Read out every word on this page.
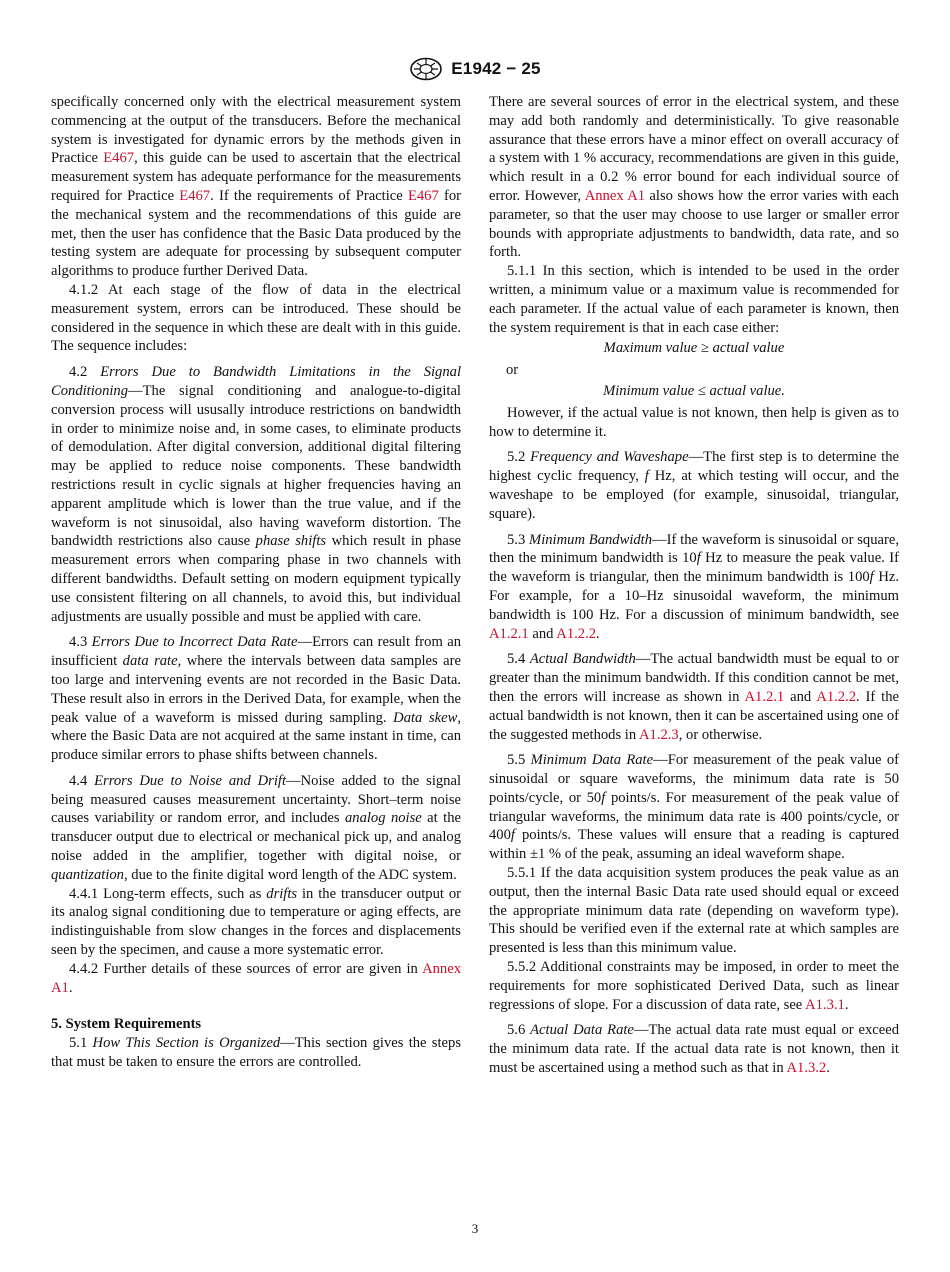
E1942 − 25

specifically concerned only with the electrical measurement system commencing at the output of the transducers. Before the mechanical system is investigated for dynamic errors by the methods given in Practice E467, this guide can be used to ascertain that the electrical measurement system has adequate performance for the measurements required for Practice E467. If the requirements of Practice E467 for the mechanical system and the recommendations of this guide are met, then the user has confidence that the Basic Data produced by the testing system are adequate for processing by subsequent computer algorithms to produce further Derived Data.

4.1.2 At each stage of the flow of data in the electrical measurement system, errors can be introduced. These should be considered in the sequence in which these are dealt with in this guide. The sequence includes:

4.2 Errors Due to Bandwidth Limitations in the Signal Conditioning—The signal conditioning and analogue-to-digital conversion process will ususally introduce restrictions on bandwidth in order to minimize noise and, in some cases, to eliminate products of demodulation. After digital conversion, additional digital filtering may be applied to reduce noise components. These bandwidth restrictions result in cyclic signals at higher frequencies having an apparent amplitude which is lower than the true value, and if the waveform is not sinusoidal, also having waveform distortion. The bandwidth restrictions also cause phase shifts which result in phase measurement errors when comparing phase in two channels with different bandwidths. Default setting on modern equipment typically use consistent filtering on all channels, to avoid this, but individual adjustments are usually possible and must be applied with care.

4.3 Errors Due to Incorrect Data Rate—Errors can result from an insufficient data rate, where the intervals between data samples are too large and intervening events are not recorded in the Basic Data. These result also in errors in the Derived Data, for example, when the peak value of a waveform is missed during sampling. Data skew, where the Basic Data are not acquired at the same instant in time, can produce similar errors to phase shifts between channels.

4.4 Errors Due to Noise and Drift—Noise added to the signal being measured causes measurement uncertainty. Short–term noise causes variability or random error, and includes analog noise at the transducer output due to electrical or mechanical pick up, and analog noise added in the amplifier, together with digital noise, or quantization, due to the finite digital word length of the ADC system.

4.4.1 Long-term effects, such as drifts in the transducer output or its analog signal conditioning due to temperature or aging effects, are indistinguishable from slow changes in the forces and displacements seen by the specimen, and cause a more systematic error.

4.4.2 Further details of these sources of error are given in Annex A1.

5. System Requirements

5.1 How This Section is Organized—This section gives the steps that must be taken to ensure the errors are controlled.

There are several sources of error in the electrical system, and these may add both randomly and deterministically. To give reasonable assurance that these errors have a minor effect on overall accuracy of a system with 1 % accuracy, recommendations are given in this guide, which result in a 0.2 % error bound for each individual source of error. However, Annex A1 also shows how the error varies with each parameter, so that the user may choose to use larger or smaller error bounds with appropriate adjustments to bandwidth, data rate, and so forth.

5.1.1 In this section, which is intended to be used in the order written, a minimum value or a maximum value is recommended for each parameter. If the actual value of each parameter is known, then the system requirement is that in each case either:

Maximum value ≥ actual value

or

Minimum value ≤ actual value.

However, if the actual value is not known, then help is given as to how to determine it.

5.2 Frequency and Waveshape—The first step is to determine the highest cyclic frequency, f Hz, at which testing will occur, and the waveshape to be employed (for example, sinusoidal, triangular, square).

5.3 Minimum Bandwidth—If the waveform is sinusoidal or square, then the minimum bandwidth is 10f Hz to measure the peak value. If the waveform is triangular, then the minimum bandwidth is 100f Hz. For example, for a 10–Hz sinusoidal waveform, the minimum bandwidth is 100 Hz. For a discussion of minimum bandwidth, see A1.2.1 and A1.2.2.

5.4 Actual Bandwidth—The actual bandwidth must be equal to or greater than the minimum bandwidth. If this condition cannot be met, then the errors will increase as shown in A1.2.1 and A1.2.2. If the actual bandwidth is not known, then it can be ascertained using one of the suggested methods in A1.2.3, or otherwise.

5.5 Minimum Data Rate—For measurement of the peak value of sinusoidal or square waveforms, the minimum data rate is 50 points/cycle, or 50f points/s. For measurement of the peak value of triangular waveforms, the minimum data rate is 400 points/cycle, or 400f points/s. These values will ensure that a reading is captured within ±1 % of the peak, assuming an ideal waveform shape.

5.5.1 If the data acquisition system produces the peak value as an output, then the internal Basic Data rate used should equal or exceed the appropriate minimum data rate (depending on waveform type). This should be verified even if the external rate at which samples are presented is less than this minimum value.

5.5.2 Additional constraints may be imposed, in order to meet the requirements for more sophisticated Derived Data, such as linear regressions of slope. For a discussion of data rate, see A1.3.1.

5.6 Actual Data Rate—The actual data rate must equal or exceed the minimum data rate. If the actual data rate is not known, then it must be ascertained using a method such as that in A1.3.2.

3
